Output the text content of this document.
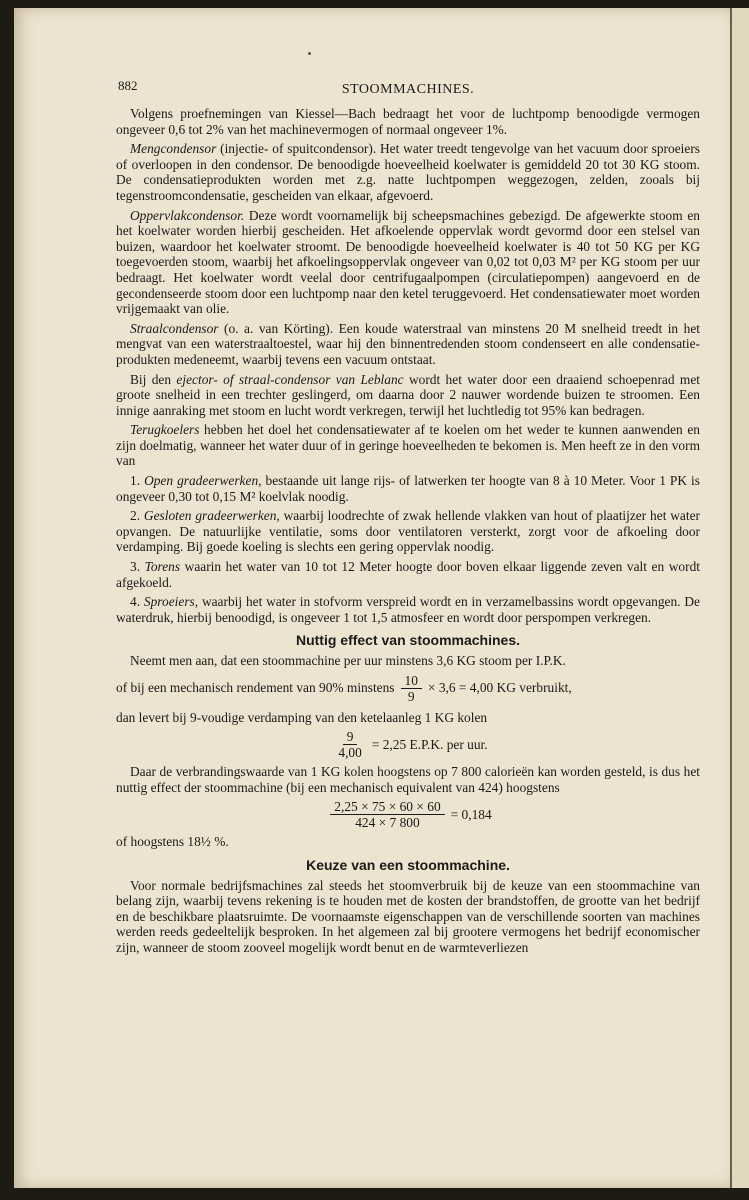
882	STOOMMACHINES.

Volgens proefnemingen van Kiessel—Bach bedraagt het voor de luchtpomp benoodigde vermogen ongeveer 0,6 tot 2% van het machinevermogen of normaal ongeveer 1%.

Mengcondensor (injectie- of spuitcondensor). Het water treedt tengevolge van het vacuum door sproeiers of overloopen in den condensor. De benoodigde hoeveelheid koelwater is gemiddeld 20 tot 30 KG stoom. De condensatieprodukten worden met z.g. natte luchtpompen weggezogen, zelden, zooals bij tegenstroomcondensatie, gescheiden van elkaar, afgevoerd.

Oppervlakcondensor. Deze wordt voornamelijk bij scheepsmachines gebezigd. De afgewerkte stoom en het koelwater worden hierbij gescheiden. Het afkoelende oppervlak wordt gevormd door een stelsel van buizen, waardoor het koelwater stroomt. De benoodigde hoeveelheid koelwater is 40 tot 50 KG per KG toegevoerden stoom, waarbij het afkoelingsoppervlak ongeveer van 0,02 tot 0,03 M² per KG stoom per uur bedraagt. Het koelwater wordt veelal door centrifugaalpompen (circulatiepompen) aangevoerd en de gecondenseerde stoom door een luchtpomp naar den ketel teruggevoerd. Het condensatiewater moet worden vrijgemaakt van olie.

Straalcondensor (o. a. van Körting). Een koude waterstraal van minstens 20 M snelheid treedt in het mengvat van een waterstraaltoestel, waar hij den binnentredenden stoom condenseert en alle condensatie-produkten medeneemt, waarbij tevens een vacuum ontstaat.

Bij den ejector- of straal-condensor van Leblanc wordt het water door een draaiend schoepenrad met groote snelheid in een trechter geslingerd, om daarna door 2 nauwer wordende buizen te stroomen. Een innige aanraking met stoom en lucht wordt verkregen, terwijl het luchtledig tot 95% kan bedragen.

Terugkoelers hebben het doel het condensatiewater af te koelen om het weder te kunnen aanwenden en zijn doelmatig, wanneer het water duur of in geringe hoeveelheden te bekomen is. Men heeft ze in den vorm van

1. Open gradeerwerken, bestaande uit lange rijs- of latwerken ter hoogte van 8 à 10 Meter. Voor 1 PK is ongeveer 0,30 tot 0,15 M² koelvlak noodig.

2. Gesloten gradeerwerken, waarbij loodrechte of zwak hellende vlakken van hout of plaatijzer het water opvangen. De natuurlijke ventilatie, soms door ventilatoren versterkt, zorgt voor de afkoeling door verdamping. Bij goede koeling is slechts een gering oppervlak noodig.

3. Torens waarin het water van 10 tot 12 Meter hoogte door boven elkaar liggende zeven valt en wordt afgekoeld.

4. Sproeiers, waarbij het water in stofvorm verspreid wordt en in verzamelbassins wordt opgevangen. De waterdruk, hierbij benoodigd, is ongeveer 1 tot 1,5 atmosfeer en wordt door perspompen verkregen.

Nuttig effect van stoommachines.

Neemt men aan, dat een stoommachine per uur minstens 3,6 KG stoom per I.P.K.

of bij een mechanisch rendement van 90% minstens $\frac{10}{9} \times 3,6 = 4,00$ KG verbruikt,

dan levert bij 9-voudige verdamping van den ketelaanleg 1 KG kolen

$\frac{9}{4,00} = 2,25$ E.P.K. per uur.

Daar de verbrandingswaarde van 1 KG kolen hoogstens op 7 800 calorieën kan worden gesteld, is dus het nuttig effect der stoommachine (bij een mechanisch equivalent van 424) hoogstens

$\frac{2,25 \times 75 \times 60 \times 60}{424 \times 7 800} = 0,184$

of hoogstens 18½ %.

Keuze van een stoommachine.

Voor normale bedrijfsmachines zal steeds het stoomverbruik bij de keuze van een stoommachine van belang zijn, waarbij tevens rekening is te houden met de kosten der brandstoffen, de grootte van het bedrijf en de beschikbare plaatsruimte. De voornaamste eigenschappen van de verschillende soorten van machines werden reeds gedeeltelijk besproken. In het algemeen zal bij grootere vermogens het bedrijf economischer zijn, wanneer de stoom zooveel mogelijk wordt benut en de warmteverliezen
